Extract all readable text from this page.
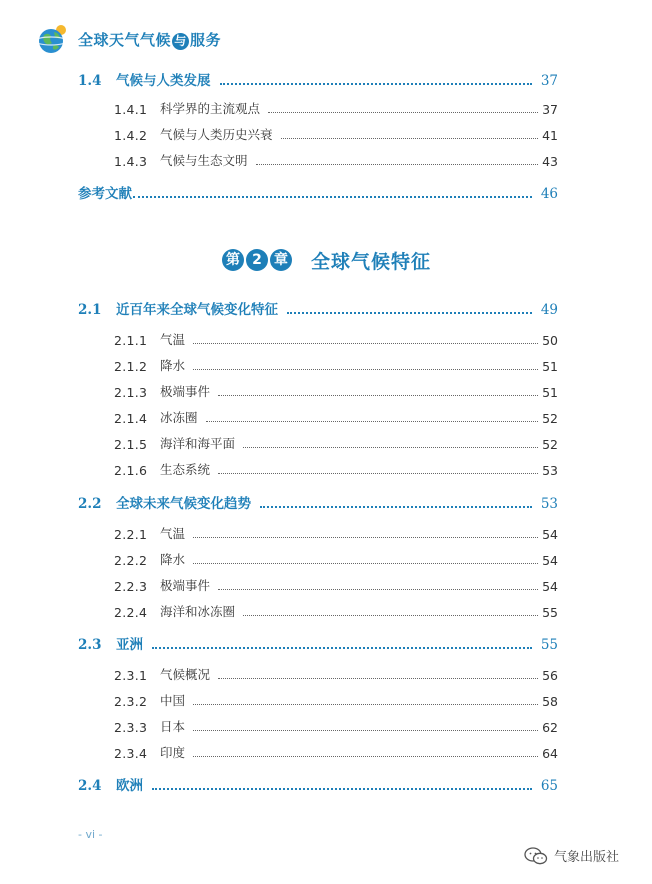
全球天气气候 与 服务
1.4	气候与人类发展	37
1.4.1	科学界的主流观点	37
1.4.2	气候与人类历史兴衰	41
1.4.3	气候与生态文明	43
参考文献	46
第 2 章 全球气候特征
2.1	近百年来全球气候变化特征	49
2.1.1	气温	50
2.1.2	降水	51
2.1.3	极端事件	51
2.1.4	冰冻圈	52
2.1.5	海洋和海平面	52
2.1.6	生态系统	53
2.2	全球未来气候变化趋势	53
2.2.1	气温	54
2.2.2	降水	54
2.2.3	极端事件	54
2.2.4	海洋和冰冻圈	55
2.3	亚洲	55
2.3.1	气候概况	56
2.3.2	中国	58
2.3.3	日本	62
2.3.4	印度	64
2.4	欧洲	65
- vi -
气象出版社
